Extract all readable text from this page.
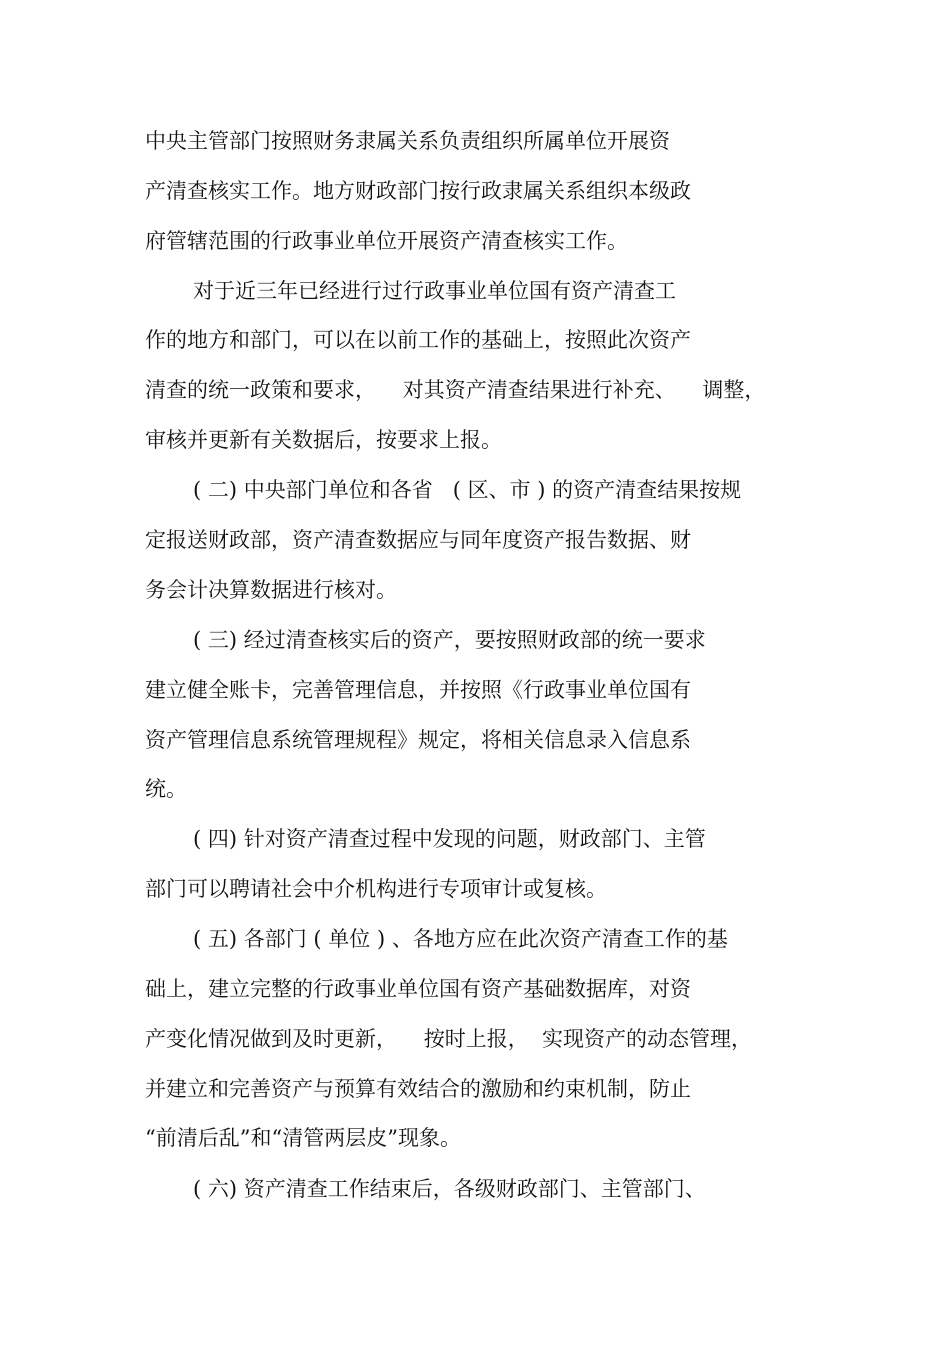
中央主管部门按照财务隶属关系负责组织所属单位开展资

产清查核实工作。地方财政部门按行政隶属关系组织本级政

府管辖范围的行政事业单位开展资产清查核实工作。

对于近三年已经进行过行政事业单位国有资产清查工

作的地方和部门，可以在以前工作的基础上，按照此次资产

清查的统一政策和要求，    对其资产清查结果进行补充、    调整，

审核并更新有关数据后，按要求上报。

( 二) 中央部门单位和各省   ( 区、市 ) 的资产清查结果按规

定报送财政部，资产清查数据应与同年度资产报告数据、财

务会计决算数据进行核对。

( 三) 经过清查核实后的资产，要按照财政部的统一要求

建立健全账卡，完善管理信息，并按照《行政事业单位国有

资产管理信息系统管理规程》规定，将相关信息录入信息系

统。

( 四) 针对资产清查过程中发现的问题，财政部门、主管

部门可以聘请社会中介机构进行专项审计或复核。

( 五) 各部门 ( 单位 ) 、各地方应在此次资产清查工作的基

础上，建立完整的行政事业单位国有资产基础数据库，对资

产变化情况做到及时更新，    按时上报，  实现资产的动态管理，

并建立和完善资产与预算有效结合的激励和约束机制，防止

“前清后乱”和“清管两层皮”现象。

( 六) 资产清查工作结束后，各级财政部门、主管部门、
